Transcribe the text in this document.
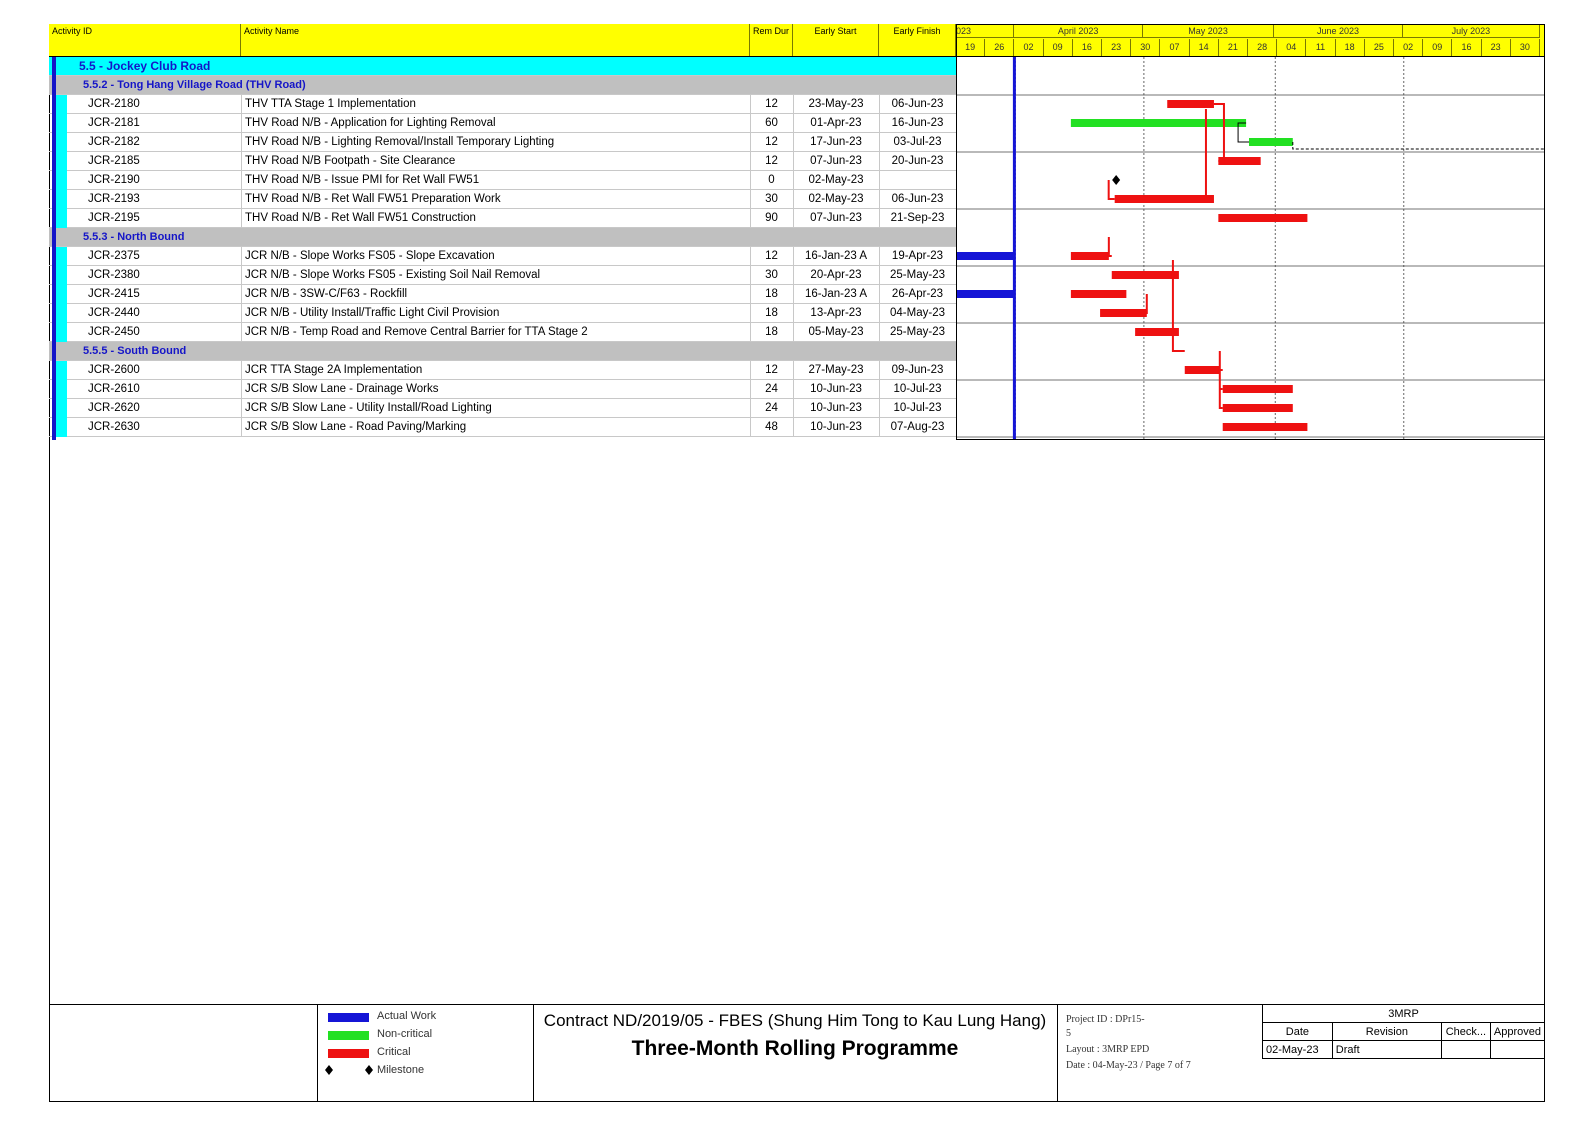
Activity ID	Activity Name	Rem Dur	Early Start	Early Finish	023	April 2023	May 2023	June 2023	July 2023
19	26	02	09	16	23	30	07	14	21	28	04	11	18	25	02	09	16	23	30
5.5 - Jockey Club Road
5.5.2 - Tong Hang Village Road (THV Road)
JCR-2180	THV TTA Stage 1 Implementation	12	23-May-23	06-Jun-23
JCR-2181	THV Road N/B - Application for Lighting Removal	60	01-Apr-23	16-Jun-23
JCR-2182	THV Road N/B - Lighting Removal/Install Temporary Lighting	12	17-Jun-23	03-Jul-23
JCR-2185	THV Road N/B Footpath - Site Clearance	12	07-Jun-23	20-Jun-23
JCR-2190	THV Road N/B - Issue PMI for Ret Wall FW51	0	02-May-23
JCR-2193	THV Road N/B - Ret Wall FW51 Preparation Work	30	02-May-23	06-Jun-23
JCR-2195	THV Road N/B - Ret Wall FW51 Construction	90	07-Jun-23	21-Sep-23
5.5.3 - North Bound
JCR-2375	JCR N/B - Slope Works FS05 - Slope Excavation	12	16-Jan-23 A	19-Apr-23
JCR-2380	JCR N/B - Slope Works FS05 - Existing Soil Nail Removal	30	20-Apr-23	25-May-23
JCR-2415	JCR N/B - 3SW-C/F63 - Rockfill	18	16-Jan-23 A	26-Apr-23
JCR-2440	JCR N/B - Utility Install/Traffic Light Civil Provision	18	13-Apr-23	04-May-23
JCR-2450	JCR N/B - Temp Road and Remove Central Barrier for TTA Stage 2	18	05-May-23	25-May-23
5.5.5 - South Bound
JCR-2600	JCR TTA Stage 2A Implementation	12	27-May-23	09-Jun-23
JCR-2610	JCR S/B Slow Lane - Drainage Works	24	10-Jun-23	10-Jul-23
JCR-2620	JCR S/B Slow Lane - Utility Install/Road Lighting	24	10-Jun-23	10-Jul-23
JCR-2630	JCR S/B Slow Lane - Road Paving/Marking	48	10-Jun-23	07-Aug-23
Actual Work
Non-critical
Critical
Milestone
Contract ND/2019/05 - FBES (Shung Him Tong to Kau Lung Hang)
Three-Month Rolling Programme
Project ID : DPr15-
5
Layout : 3MRP EPD
Date : 04-May-23 / Page 7 of 7
3MRP			
Date	Revision	Check...	Approved
02-May-23	Draft		
